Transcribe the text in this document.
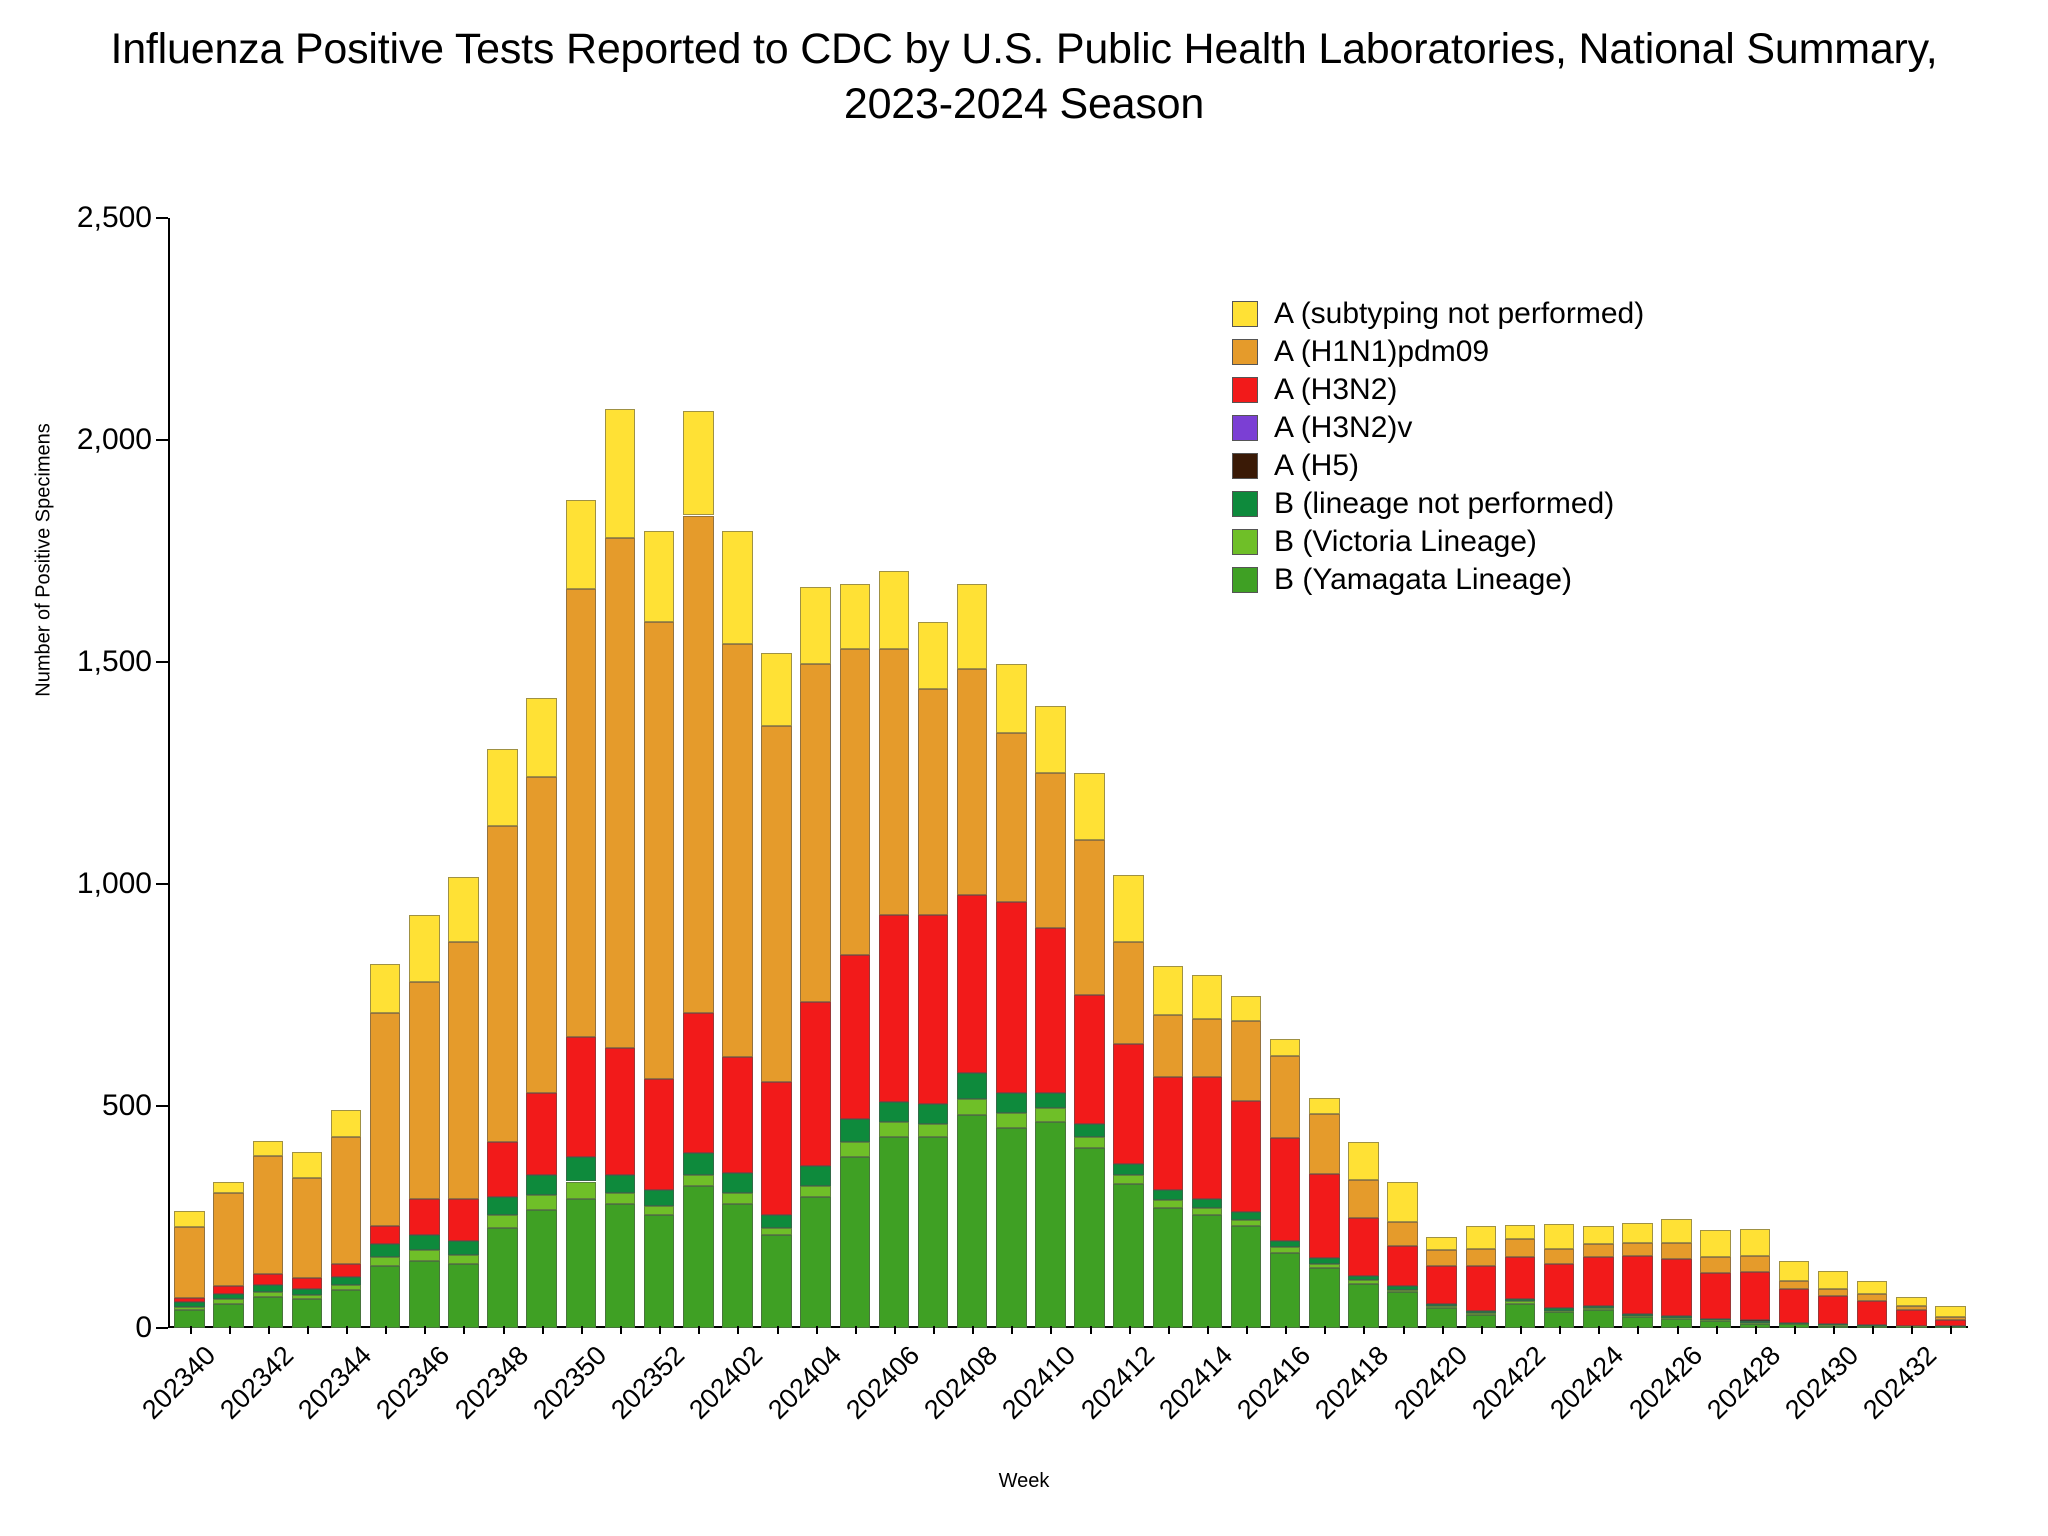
Influenza Positive Tests Reported to CDC by U.S. Public Health Laboratories, National Summary, 2023-2024 Season
Number of Positive Specimens
Week
0
500
1,000
1,500
2,000
2,500
202340
202342
202344
202346
202348
202350
202352
202402
202404
202406
202408
202410
202412
202414
202416
202418
202420
202422
202424
202426
202428
202430
202432
A (subtyping not performed)
A (H1N1)pdm09
A (H3N2)
A (H3N2)v
A (H5)
B (lineage not performed)
B (Victoria Lineage)
B (Yamagata Lineage)
